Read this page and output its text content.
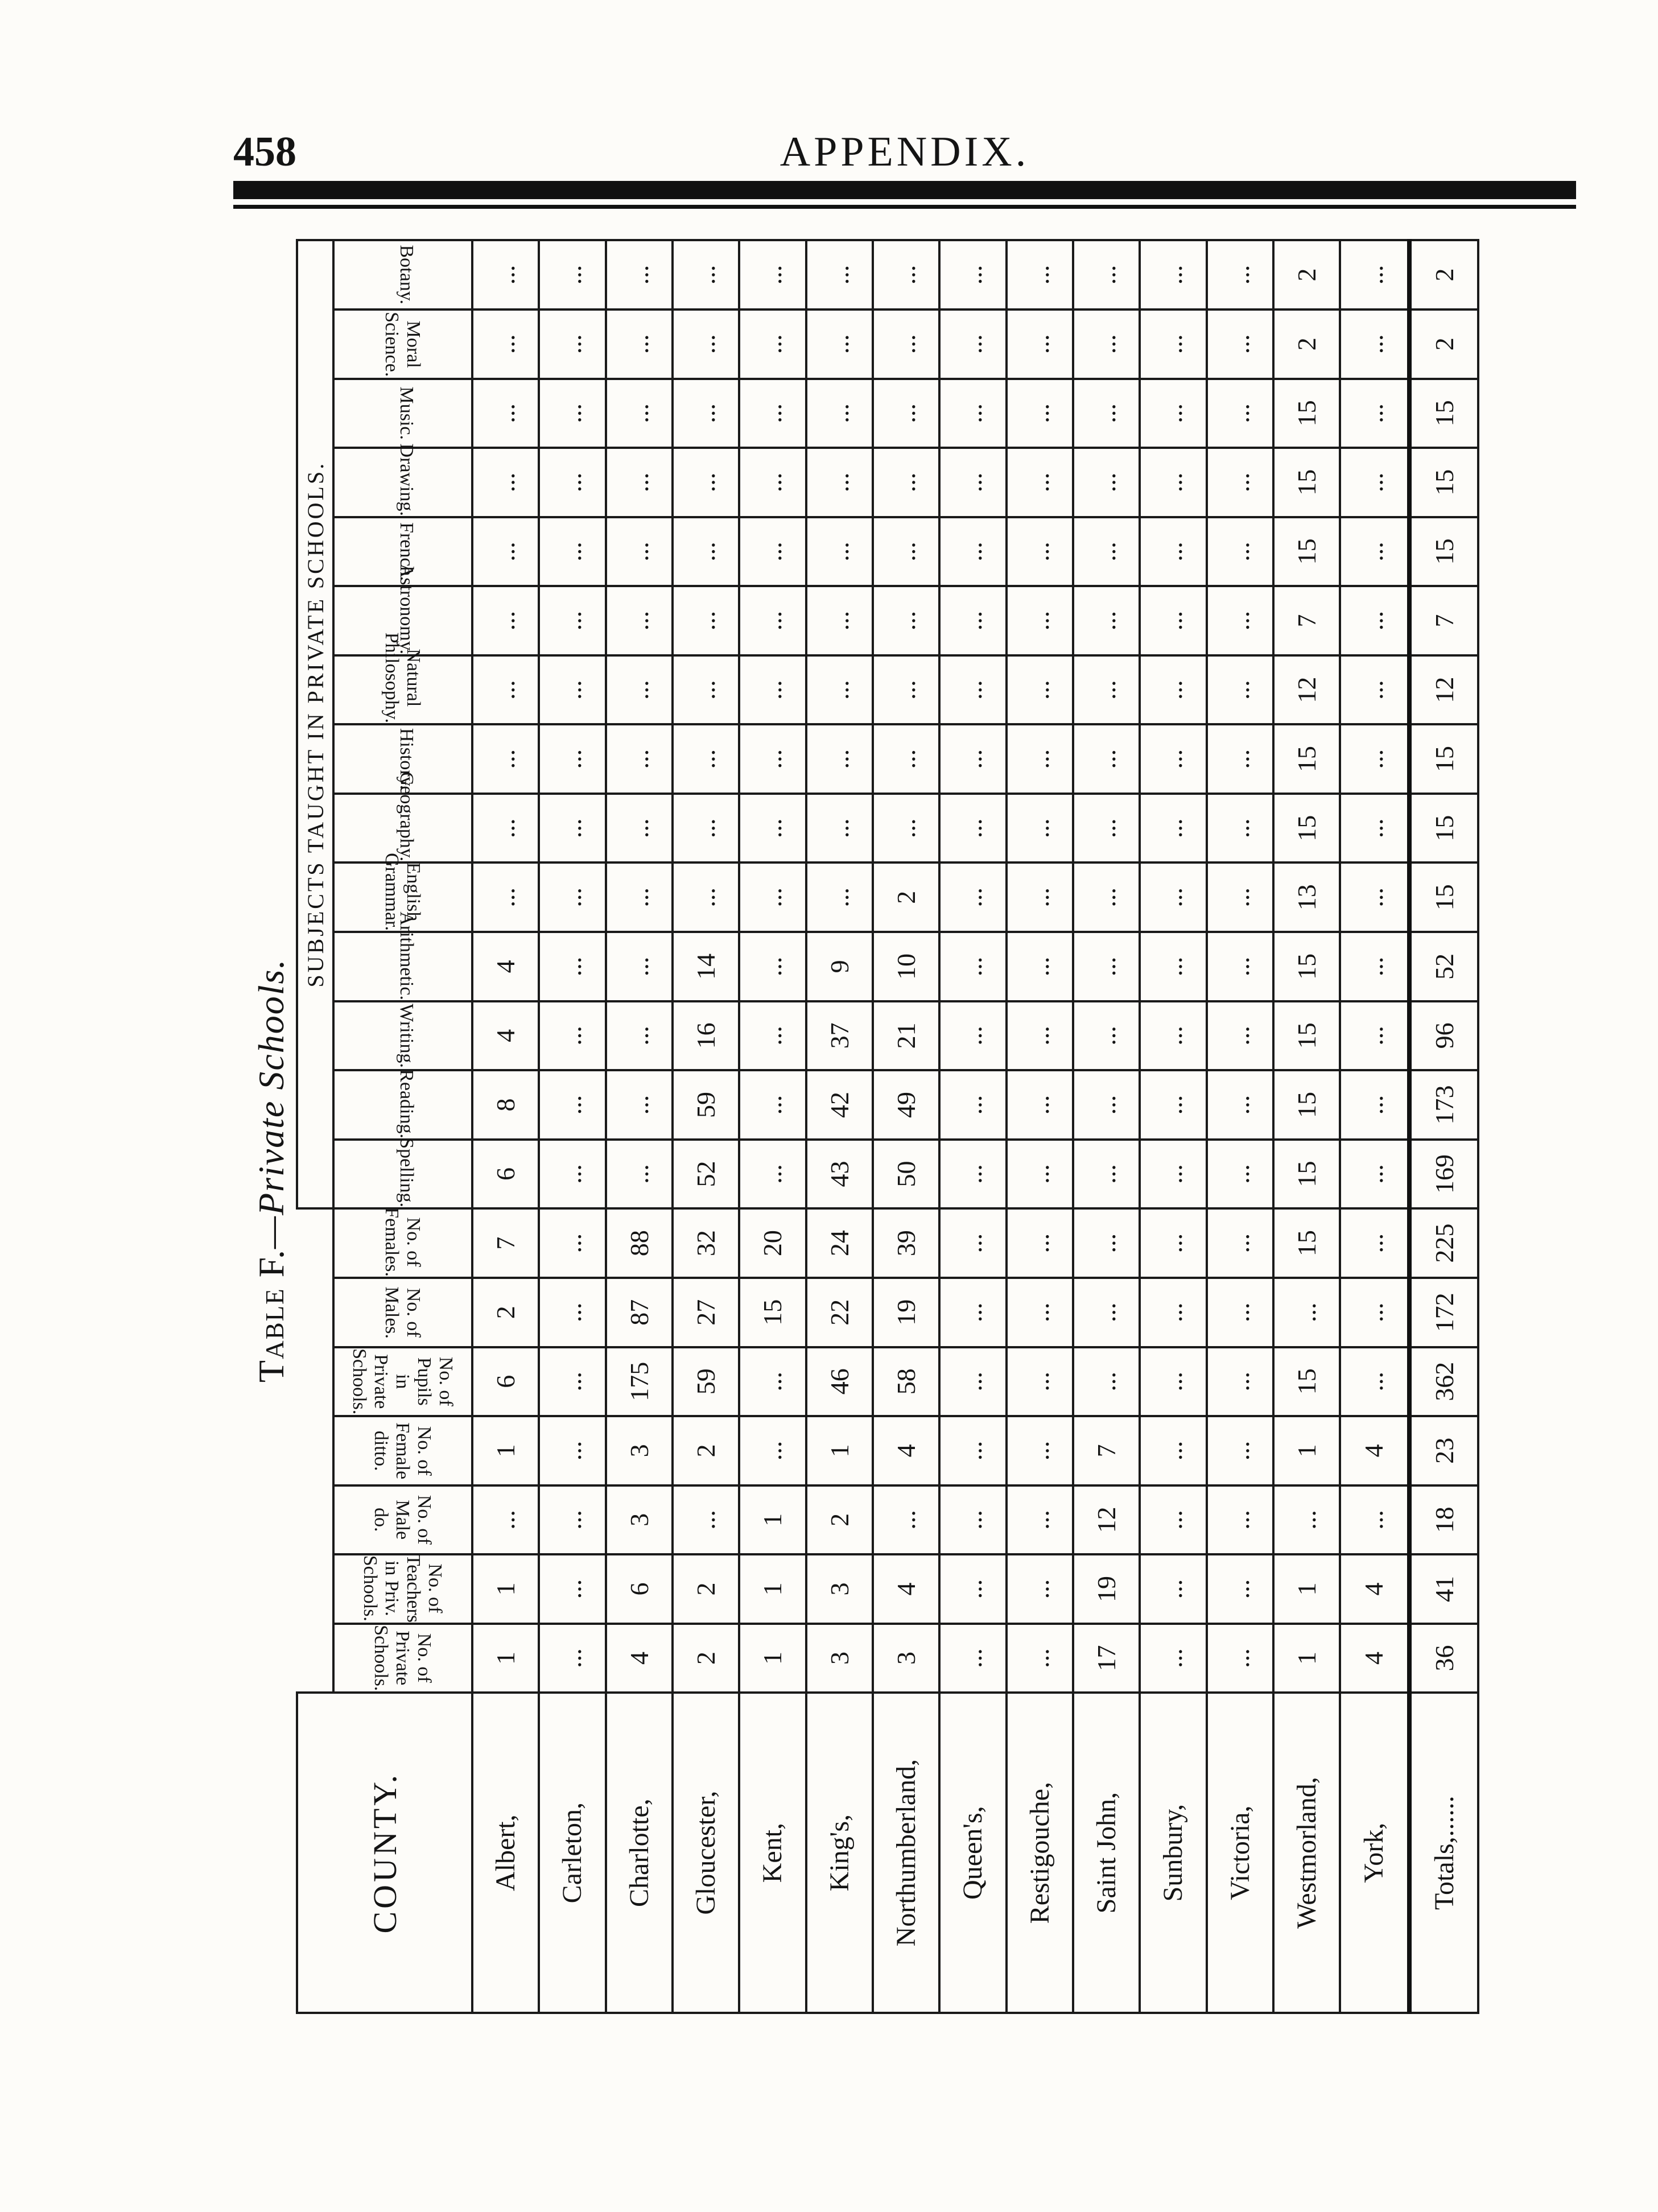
458	APPENDIX.
Table F.—Private Schools.
COUNTY.								SUBJECTS TAUGHT IN PRIVATE SCHOOLS.													
	No. of Private Schools.	No. of Teachers in Priv. Schools.	No. of Male do.	No. of Female ditto.	No. of Pupils in Private Schools.	No. of Males.	No. of Females.	Spelling.	Reading.	Writing.	Arithmetic.	English Grammar.	Geography.	History.	Natural Philosophy.	Astronomy.	French.	Drawing.	Music.	Moral Science.	Botany.
Albert,	1	1	...	1	6	2	7	6	8	4	4	...	...	...	...	...	...	...	...	...	...
Carleton,	...	...	...	...	...	...	...	...	...	...	...	...	...	...	...	...	...	...	...	...	...
Charlotte,	4	6	3	3	175	87	88	...	...	...	...	...	...	...	...	...	...	...	...	...	...
Gloucester,	2	2	...	2	59	27	32	52	59	16	14	...	...	...	...	...	...	...	...	...	...
Kent,	1	1	1	...	...	15	20	...	...	...	...	...	...	...	...	...	...	...	...	...	...
King's,	3	3	2	1	46	22	24	43	42	37	9	...	...	...	...	...	...	...	...	...	...
Northumberland,	3	4	...	4	58	19	39	50	49	21	10	2	...	...	...	...	...	...	...	...	...
Queen's,	...	...	...	...	...	...	...	...	...	...	...	...	...	...	...	...	...	...	...	...	...
Restigouche,	...	...	...	...	...	...	...	...	...	...	...	...	...	...	...	...	...	...	...	...	...
Saint John,	17	19	12	7	...	...	...	...	...	...	...	...	...	...	...	...	...	...	...	...	...
Sunbury,	...	...	...	...	...	...	...	...	...	...	...	...	...	...	...	...	...	...	...	...	...
Victoria,	...	...	...	...	...	...	...	...	...	...	...	...	...	...	...	...	...	...	...	...	...
Westmorland,	1	1	...	1	15	...	15	15	15	15	15	13	15	15	12	7	15	15	15	2	2
York,	4	4	...	4	...	...	...	...	...	...	...	...	...	...	...	...	...	...	...	...	...
Totals,......	36	41	18	23	362	172	225	169	173	96	52	15	15	15	12	7	15	15	15	2	2
